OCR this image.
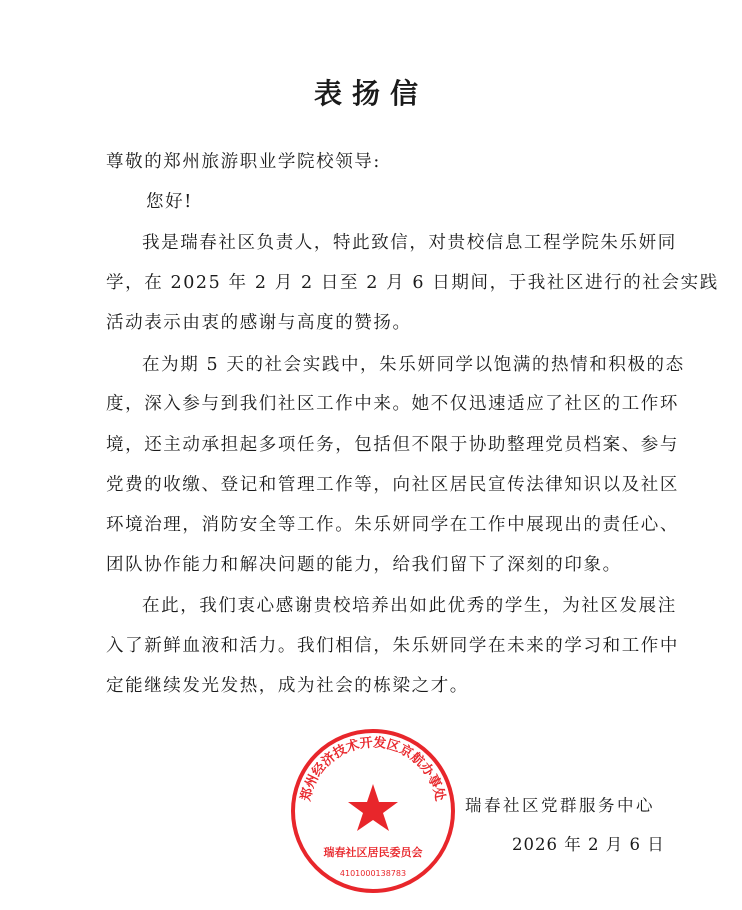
表扬信
尊敬的郑州旅游职业学院校领导:
您好!
我是瑞春社区负责人，特此致信，对贵校信息工程学院朱乐妍同
学，在 2025 年 2 月 2 日至 2 月 6 日期间，于我社区进行的社会实践
活动表示由衷的感谢与高度的赞扬。
在为期 5 天的社会实践中，朱乐妍同学以饱满的热情和积极的态
度，深入参与到我们社区工作中来。她不仅迅速适应了社区的工作环
境，还主动承担起多项任务，包括但不限于协助整理党员档案、参与
党费的收缴、登记和管理工作等，向社区居民宣传法律知识以及社区
环境治理，消防安全等工作。朱乐妍同学在工作中展现出的责任心、
团队协作能力和解决问题的能力，给我们留下了深刻的印象。
在此，我们衷心感谢贵校培养出如此优秀的学生，为社区发展注
入了新鲜血液和活力。我们相信，朱乐妍同学在未来的学习和工作中
定能继续发光发热，成为社会的栋梁之才。
郑州经济技术开发区京航办事处
瑞春社区居民委员会
4101000138783
瑞春社区党群服务中心
2026 年 2 月 6 日
